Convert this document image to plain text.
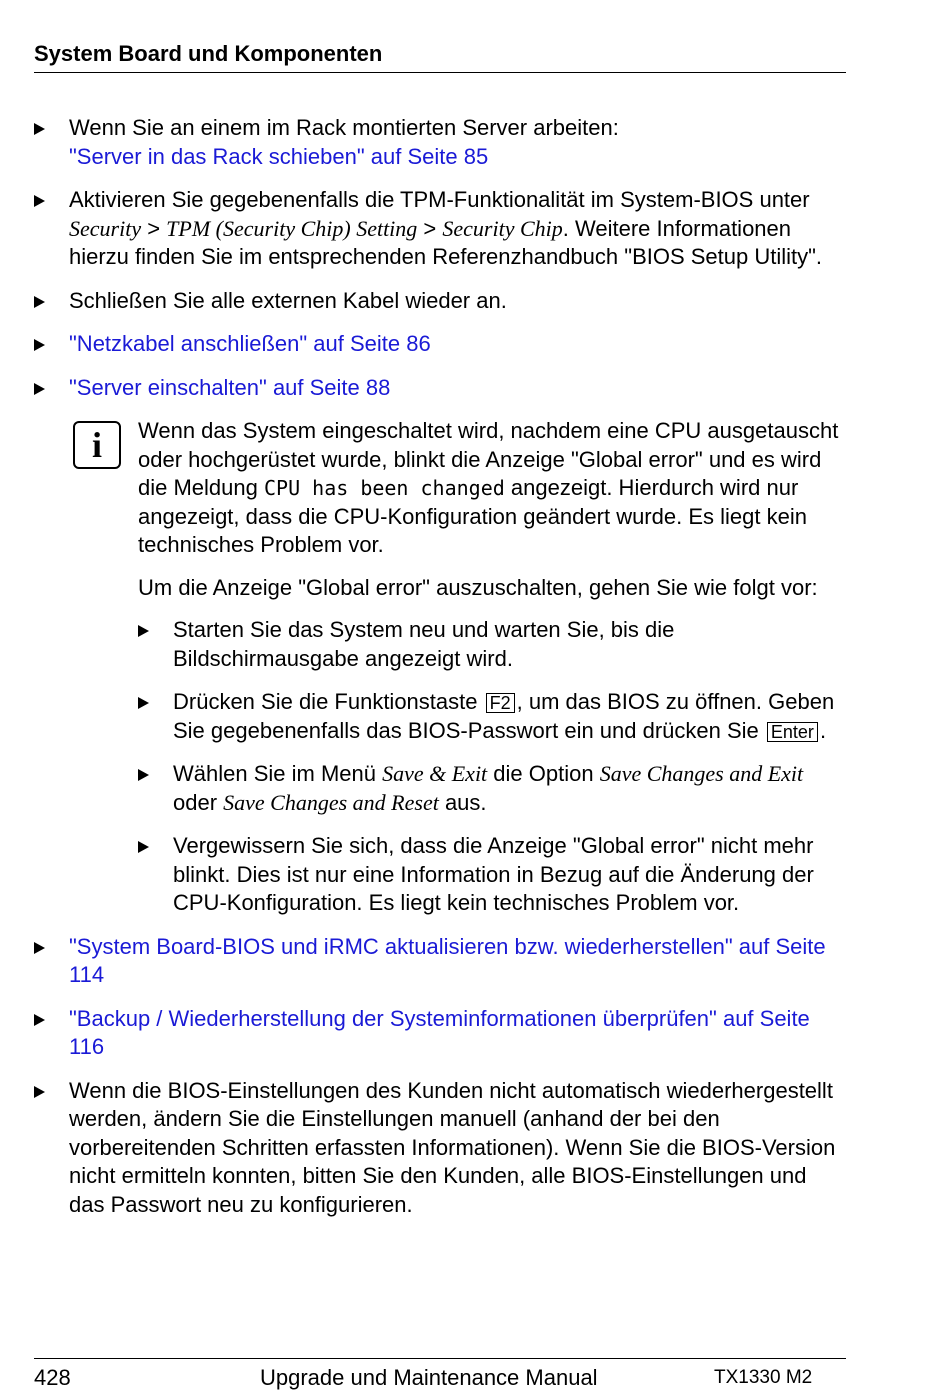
System Board und Komponenten
Wenn Sie an einem im Rack montierten Server arbeiten:
"Server in das Rack schieben" auf Seite 85
Aktivieren Sie gegebenenfalls die TPM-Funktionalität im System-BIOS unter Security > TPM (Security Chip) Setting > Security Chip. Weitere Informationen hierzu finden Sie im entsprechenden Referenzhandbuch "BIOS Setup Utility".
Schließen Sie alle externen Kabel wieder an.
"Netzkabel anschließen" auf Seite 86
"Server einschalten" auf Seite 88
i Wenn das System eingeschaltet wird, nachdem eine CPU ausgetauscht oder hochgerüstet wurde, blinkt die Anzeige "Global error" und es wird die Meldung CPU has been changed angezeigt. Hierdurch wird nur angezeigt, dass die CPU-Konfiguration geändert wurde. Es liegt kein technisches Problem vor.
Um die Anzeige "Global error" auszuschalten, gehen Sie wie folgt vor:
Starten Sie das System neu und warten Sie, bis die Bildschirmausgabe angezeigt wird.
Drücken Sie die Funktionstaste F2 , um das BIOS zu öffnen. Geben Sie gegebenenfalls das BIOS-Passwort ein und drücken Sie Enter .
Wählen Sie im Menü Save & Exit die Option Save Changes and Exit oder Save Changes and Reset aus.
Vergewissern Sie sich, dass die Anzeige "Global error" nicht mehr blinkt. Dies ist nur eine Information in Bezug auf die Änderung der CPU-Konfiguration. Es liegt kein technisches Problem vor.
"System Board-BIOS und iRMC aktualisieren bzw. wiederherstellen" auf Seite 114
"Backup / Wiederherstellung der Systeminformationen überprüfen" auf Seite 116
Wenn die BIOS-Einstellungen des Kunden nicht automatisch wiederhergestellt werden, ändern Sie die Einstellungen manuell (anhand der bei den vorbereitenden Schritten erfassten Informationen). Wenn Sie die BIOS-Version nicht ermitteln konnten, bitten Sie den Kunden, alle BIOS-Einstellungen und das Passwort neu zu konfigurieren.
428	Upgrade und Maintenance Manual	TX1330 M2
